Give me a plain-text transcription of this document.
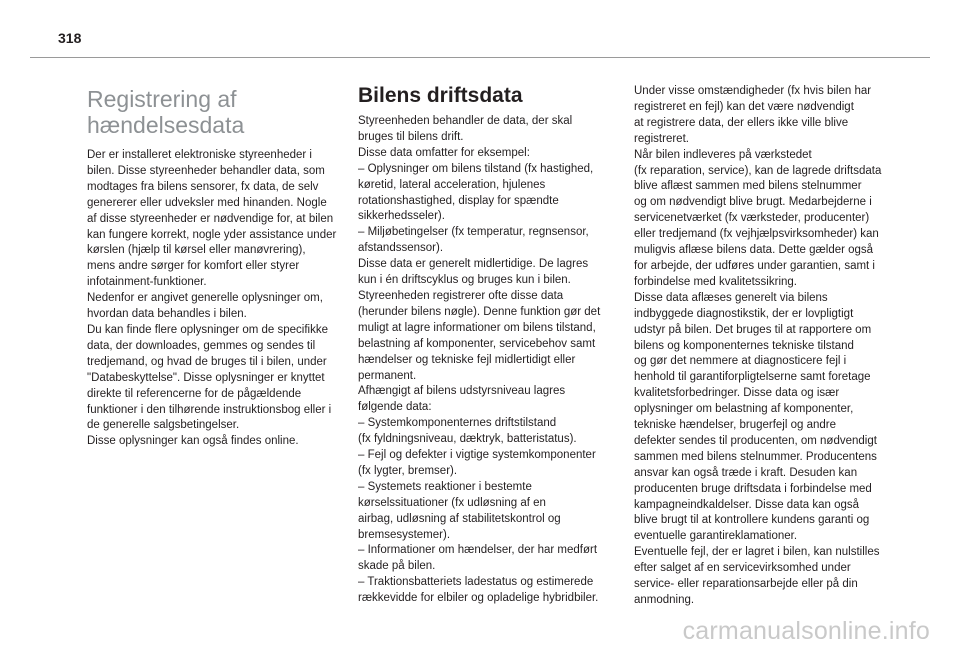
318
Registrering af
hændelsesdata

Der er installeret elektroniske styreenheder i
bilen. Disse styreenheder behandler data, som
modtages fra bilens sensorer, fx data, de selv
genererer eller udveksler med hinanden. Nogle
af disse styreenheder er nødvendige for, at bilen
kan fungere korrekt, nogle yder assistance under
kørslen (hjælp til kørsel eller manøvrering),
mens andre sørger for komfort eller styrer
infotainment-funktioner.
Nedenfor er angivet generelle oplysninger om,
hvordan data behandles i bilen.
Du kan finde flere oplysninger om de specifikke
data, der downloades, gemmes og sendes til
tredjemand, og hvad de bruges til i bilen, under
"Databeskyttelse". Disse oplysninger er knyttet
direkte til referencerne for de pågældende
funktioner i den tilhørende instruktionsbog eller i
de generelle salgsbetingelser.
Disse oplysninger kan også findes online.

Bilens driftsdata

Styreenheden behandler de data, der skal
bruges til bilens drift.
Disse data omfatter for eksempel:
– Oplysninger om bilens tilstand (fx hastighed,
køretid, lateral acceleration, hjulenes
rotationshastighed, display for spændte
sikkerhedsseler).
– Miljøbetingelser (fx temperatur, regnsensor,
afstandssensor).
Disse data er generelt midlertidige. De lagres
kun i én driftscyklus og bruges kun i bilen.
Styreenheden registrerer ofte disse data
(herunder bilens nøgle). Denne funktion gør det
muligt at lagre informationer om bilens tilstand,
belastning af komponenter, servicebehov samt
hændelser og tekniske fejl midlertidigt eller
permanent.
Afhængigt af bilens udstyrsniveau lagres
følgende data:
– Systemkomponenternes driftstilstand
(fx fyldningsniveau, dæktryk, batteristatus).
– Fejl og defekter i vigtige systemkomponenter
(fx lygter, bremser).
– Systemets reaktioner i bestemte
kørselssituationer (fx udløsning af en
airbag, udløsning af stabilitetskontrol og
bremsesystemer).
– Informationer om hændelser, der har medført
skade på bilen.
– Traktionsbatteriets ladestatus og estimerede
rækkevidde for elbiler og opladelige hybridbiler.

Under visse omstændigheder (fx hvis bilen har
registreret en fejl) kan det være nødvendigt
at registrere data, der ellers ikke ville blive
registreret.
Når bilen indleveres på værkstedet
(fx reparation, service), kan de lagrede driftsdata
blive aflæst sammen med bilens stelnummer
og om nødvendigt blive brugt. Medarbejderne i
servicenetværket (fx værksteder, producenter)
eller tredjemand (fx vejhjælpsvirksomheder) kan
muligvis aflæse bilens data. Dette gælder også
for arbejde, der udføres under garantien, samt i
forbindelse med kvalitetssikring.
Disse data aflæses generelt via bilens
indbyggede diagnostikstik, der er lovpligtigt
udstyr på bilen. Det bruges til at rapportere om
bilens og komponenternes tekniske tilstand
og gør det nemmere at diagnosticere fejl i
henhold til garantiforpligtelserne samt foretage
kvalitetsforbedringer. Disse data og især
oplysninger om belastning af komponenter,
tekniske hændelser, brugerfejl og andre
defekter sendes til producenten, om nødvendigt
sammen med bilens stelnummer. Producentens
ansvar kan også træde i kraft. Desuden kan
producenten bruge driftsdata i forbindelse med
kampagneindkaldelser. Disse data kan også
blive brugt til at kontrollere kundens garanti og
eventuelle garantireklamationer.
Eventuelle fejl, der er lagret i bilen, kan nulstilles
efter salget af en servicevirksomhed under
service- eller reparationsarbejde eller på din
anmodning.

carmanualsonline.info
